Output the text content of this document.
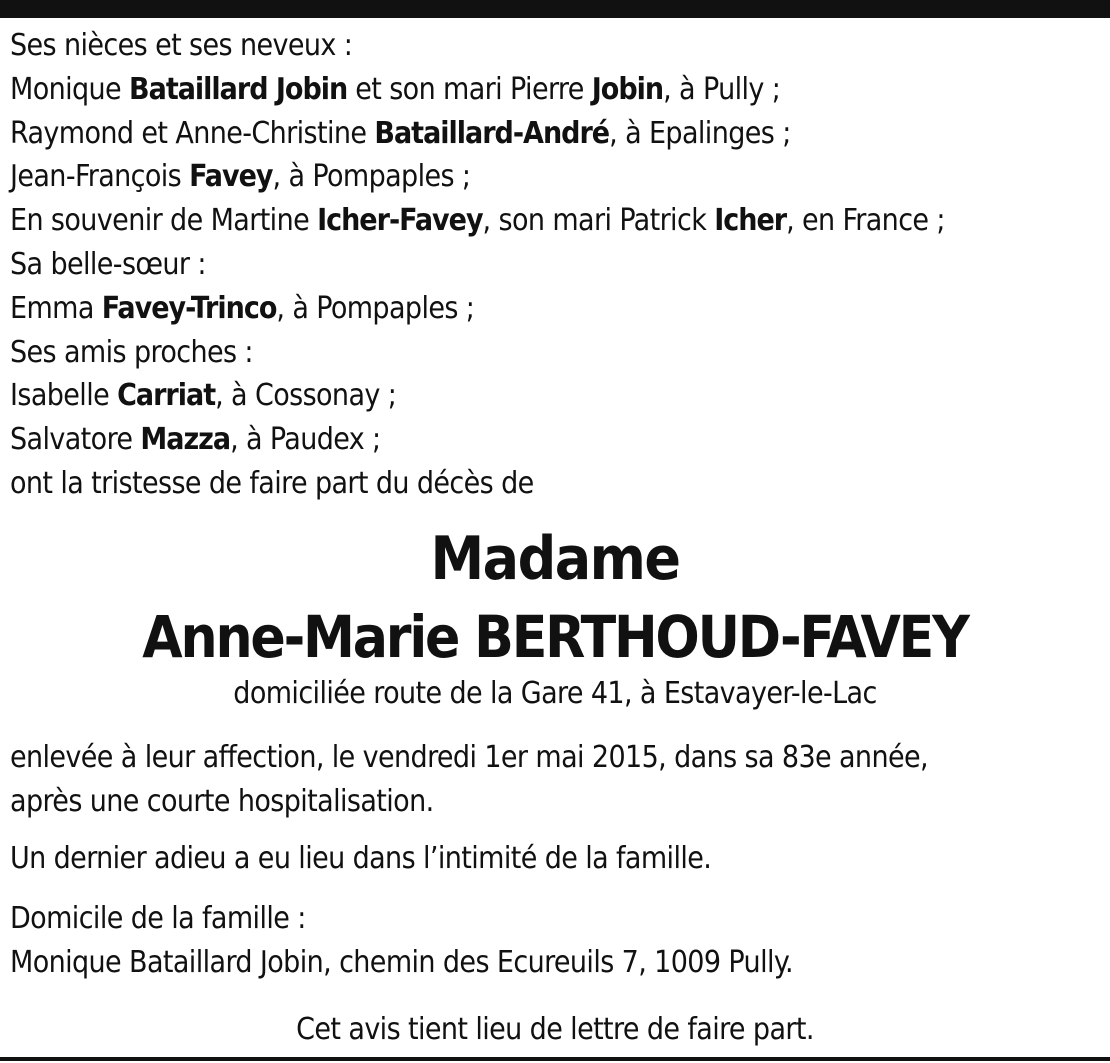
Ses nièces et ses neveux :
Monique Bataillard Jobin et son mari Pierre Jobin, à Pully ;
Raymond et Anne-Christine Bataillard-André, à Epalinges ;
Jean-François Favey, à Pompaples ;
En souvenir de Martine Icher-Favey, son mari Patrick Icher, en France ;
Sa belle-sœur :
Emma Favey-Trinco, à Pompaples ;
Ses amis proches :
Isabelle Carriat, à Cossonay ;
Salvatore Mazza, à Paudex ;
ont la tristesse de faire part du décès de
Madame
Anne-Marie BERTHOUD-FAVEY
domiciliée route de la Gare 41, à Estavayer-le-Lac
enlevée à leur affection, le vendredi 1er mai 2015, dans sa 83e année,
après une courte hospitalisation.
Un dernier adieu a eu lieu dans l’intimité de la famille.
Domicile de la famille :
Monique Bataillard Jobin, chemin des Ecureuils 7, 1009 Pully.
Cet avis tient lieu de lettre de faire part.
